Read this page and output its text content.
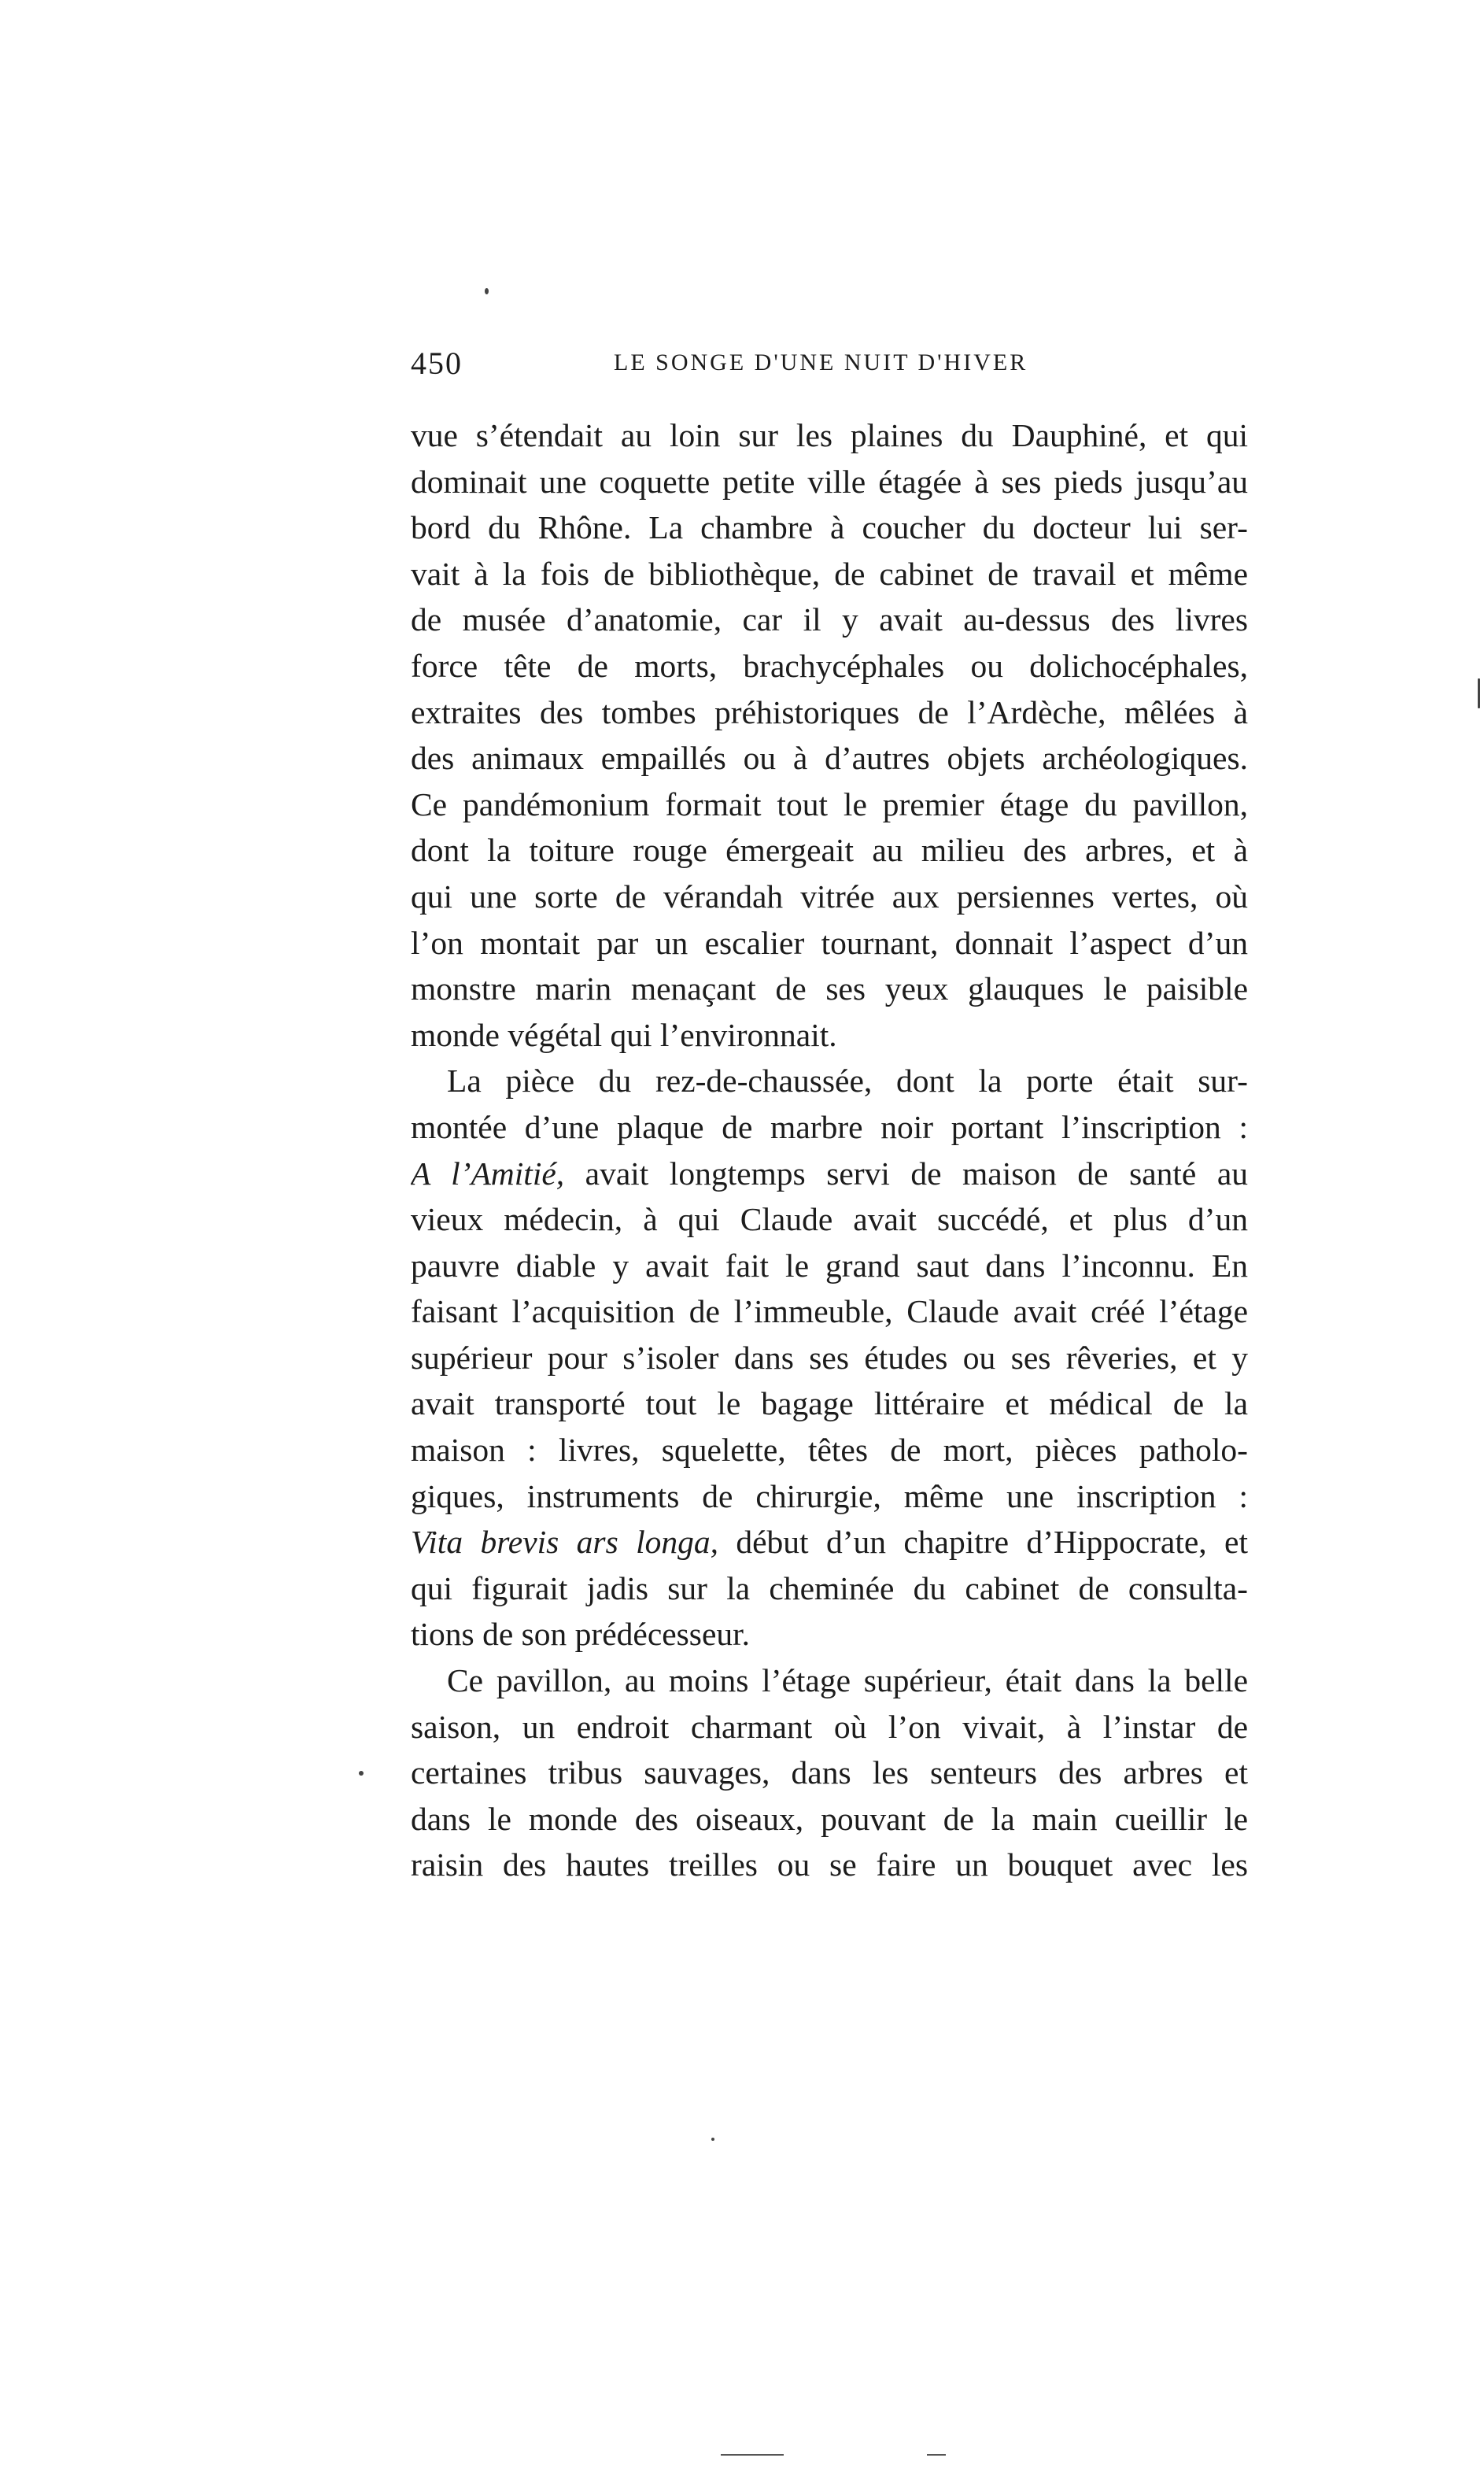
450	LE SONGE D'UNE NUIT D'HIVER
vue s’étendait au loin sur les plaines du Dauphiné, et qui
dominait une coquette petite ville étagée à ses pieds jusqu’au
bord du Rhône. La chambre à coucher du docteur lui ser-
vait à la fois de bibliothèque, de cabinet de travail et même
de musée d’anatomie, car il y avait au-dessus des livres
force tête de morts, brachycéphales ou dolichocéphales,
extraites des tombes préhistoriques de l’Ardèche, mêlées à
des animaux empaillés ou à d’autres objets archéologiques.
Ce pandémonium formait tout le premier étage du pavillon,
dont la toiture rouge émergeait au milieu des arbres, et à
qui une sorte de vérandah vitrée aux persiennes vertes, où
l’on montait par un escalier tournant, donnait l’aspect d’un
monstre marin menaçant de ses yeux glauques le paisible
monde végétal qui l’environnait.
La pièce du rez-de-chaussée, dont la porte était sur-
montée d’une plaque de marbre noir portant l’inscription :
A l’Amitié, avait longtemps servi de maison de santé au
vieux médecin, à qui Claude avait succédé, et plus d’un
pauvre diable y avait fait le grand saut dans l’inconnu. En
faisant l’acquisition de l’immeuble, Claude avait créé l’étage
supérieur pour s’isoler dans ses études ou ses rêveries, et y
avait transporté tout le bagage littéraire et médical de la
maison : livres, squelette, têtes de mort, pièces patholo-
giques, instruments de chirurgie, même une inscription :
Vita brevis ars longa, début d’un chapitre d’Hippocrate, et
qui figurait jadis sur la cheminée du cabinet de consulta-
tions de son prédécesseur.
Ce pavillon, au moins l’étage supérieur, était dans la belle
saison, un endroit charmant où l’on vivait, à l’instar de
certaines tribus sauvages, dans les senteurs des arbres et
dans le monde des oiseaux, pouvant de la main cueillir le
raisin des hautes treilles ou se faire un bouquet avec les
